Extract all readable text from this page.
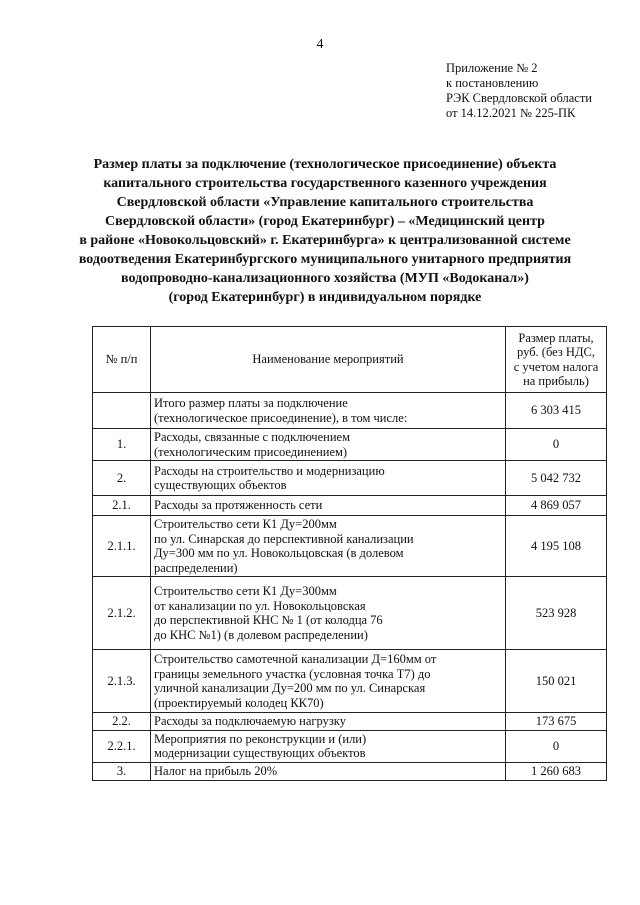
4
Приложение № 2
к постановлению
РЭК Свердловской области
от 14.12.2021 № 225-ПК
Размер платы за подключение (технологическое присоединение) объекта
капитального строительства государственного казенного учреждения
Свердловской области «Управление капитального строительства
Свердловской области» (город Екатеринбург) – «Медицинский центр
в районе «Новокольцовский» г. Екатеринбурга» к централизованной системе
водоотведения Екатеринбургского муниципального унитарного предприятия
водопроводно-канализационного хозяйства (МУП «Водоканал»)
(город Екатеринбург) в индивидуальном порядке
№ п/п	Наименование мероприятий	Размер платы,
руб. (без НДС,
с учетом налога
на прибыль)
	Итого размер платы за подключение
(технологическое присоединение), в том числе:	6 303 415
1.	Расходы, связанные с подключением
(технологическим присоединением)	0
2.	Расходы на строительство и модернизацию
существующих объектов	5 042 732
2.1.	Расходы за протяженность сети	4 869 057
2.1.1.	Строительство сети К1 Ду=200мм
по ул. Синарская до перспективной канализации
Ду=300 мм по ул. Новокольцовская (в долевом
распределении)	4 195 108
2.1.2.	Строительство сети К1 Ду=300мм
от канализации по ул. Новокольцовская
до перспективной КНС № 1 (от колодца 76
до КНС №1) (в долевом распределении)	523 928
2.1.3.	Строительство самотечной канализации Д=160мм от
границы земельного участка (условная точка Т7) до
уличной канализации Ду=200 мм по ул. Синарская
(проектируемый колодец КК70)	150 021
2.2.	Расходы за подключаемую нагрузку	173 675
2.2.1.	Мероприятия по реконструкции и (или)
модернизации существующих объектов	0
3.	Налог на прибыль 20%	1 260 683
